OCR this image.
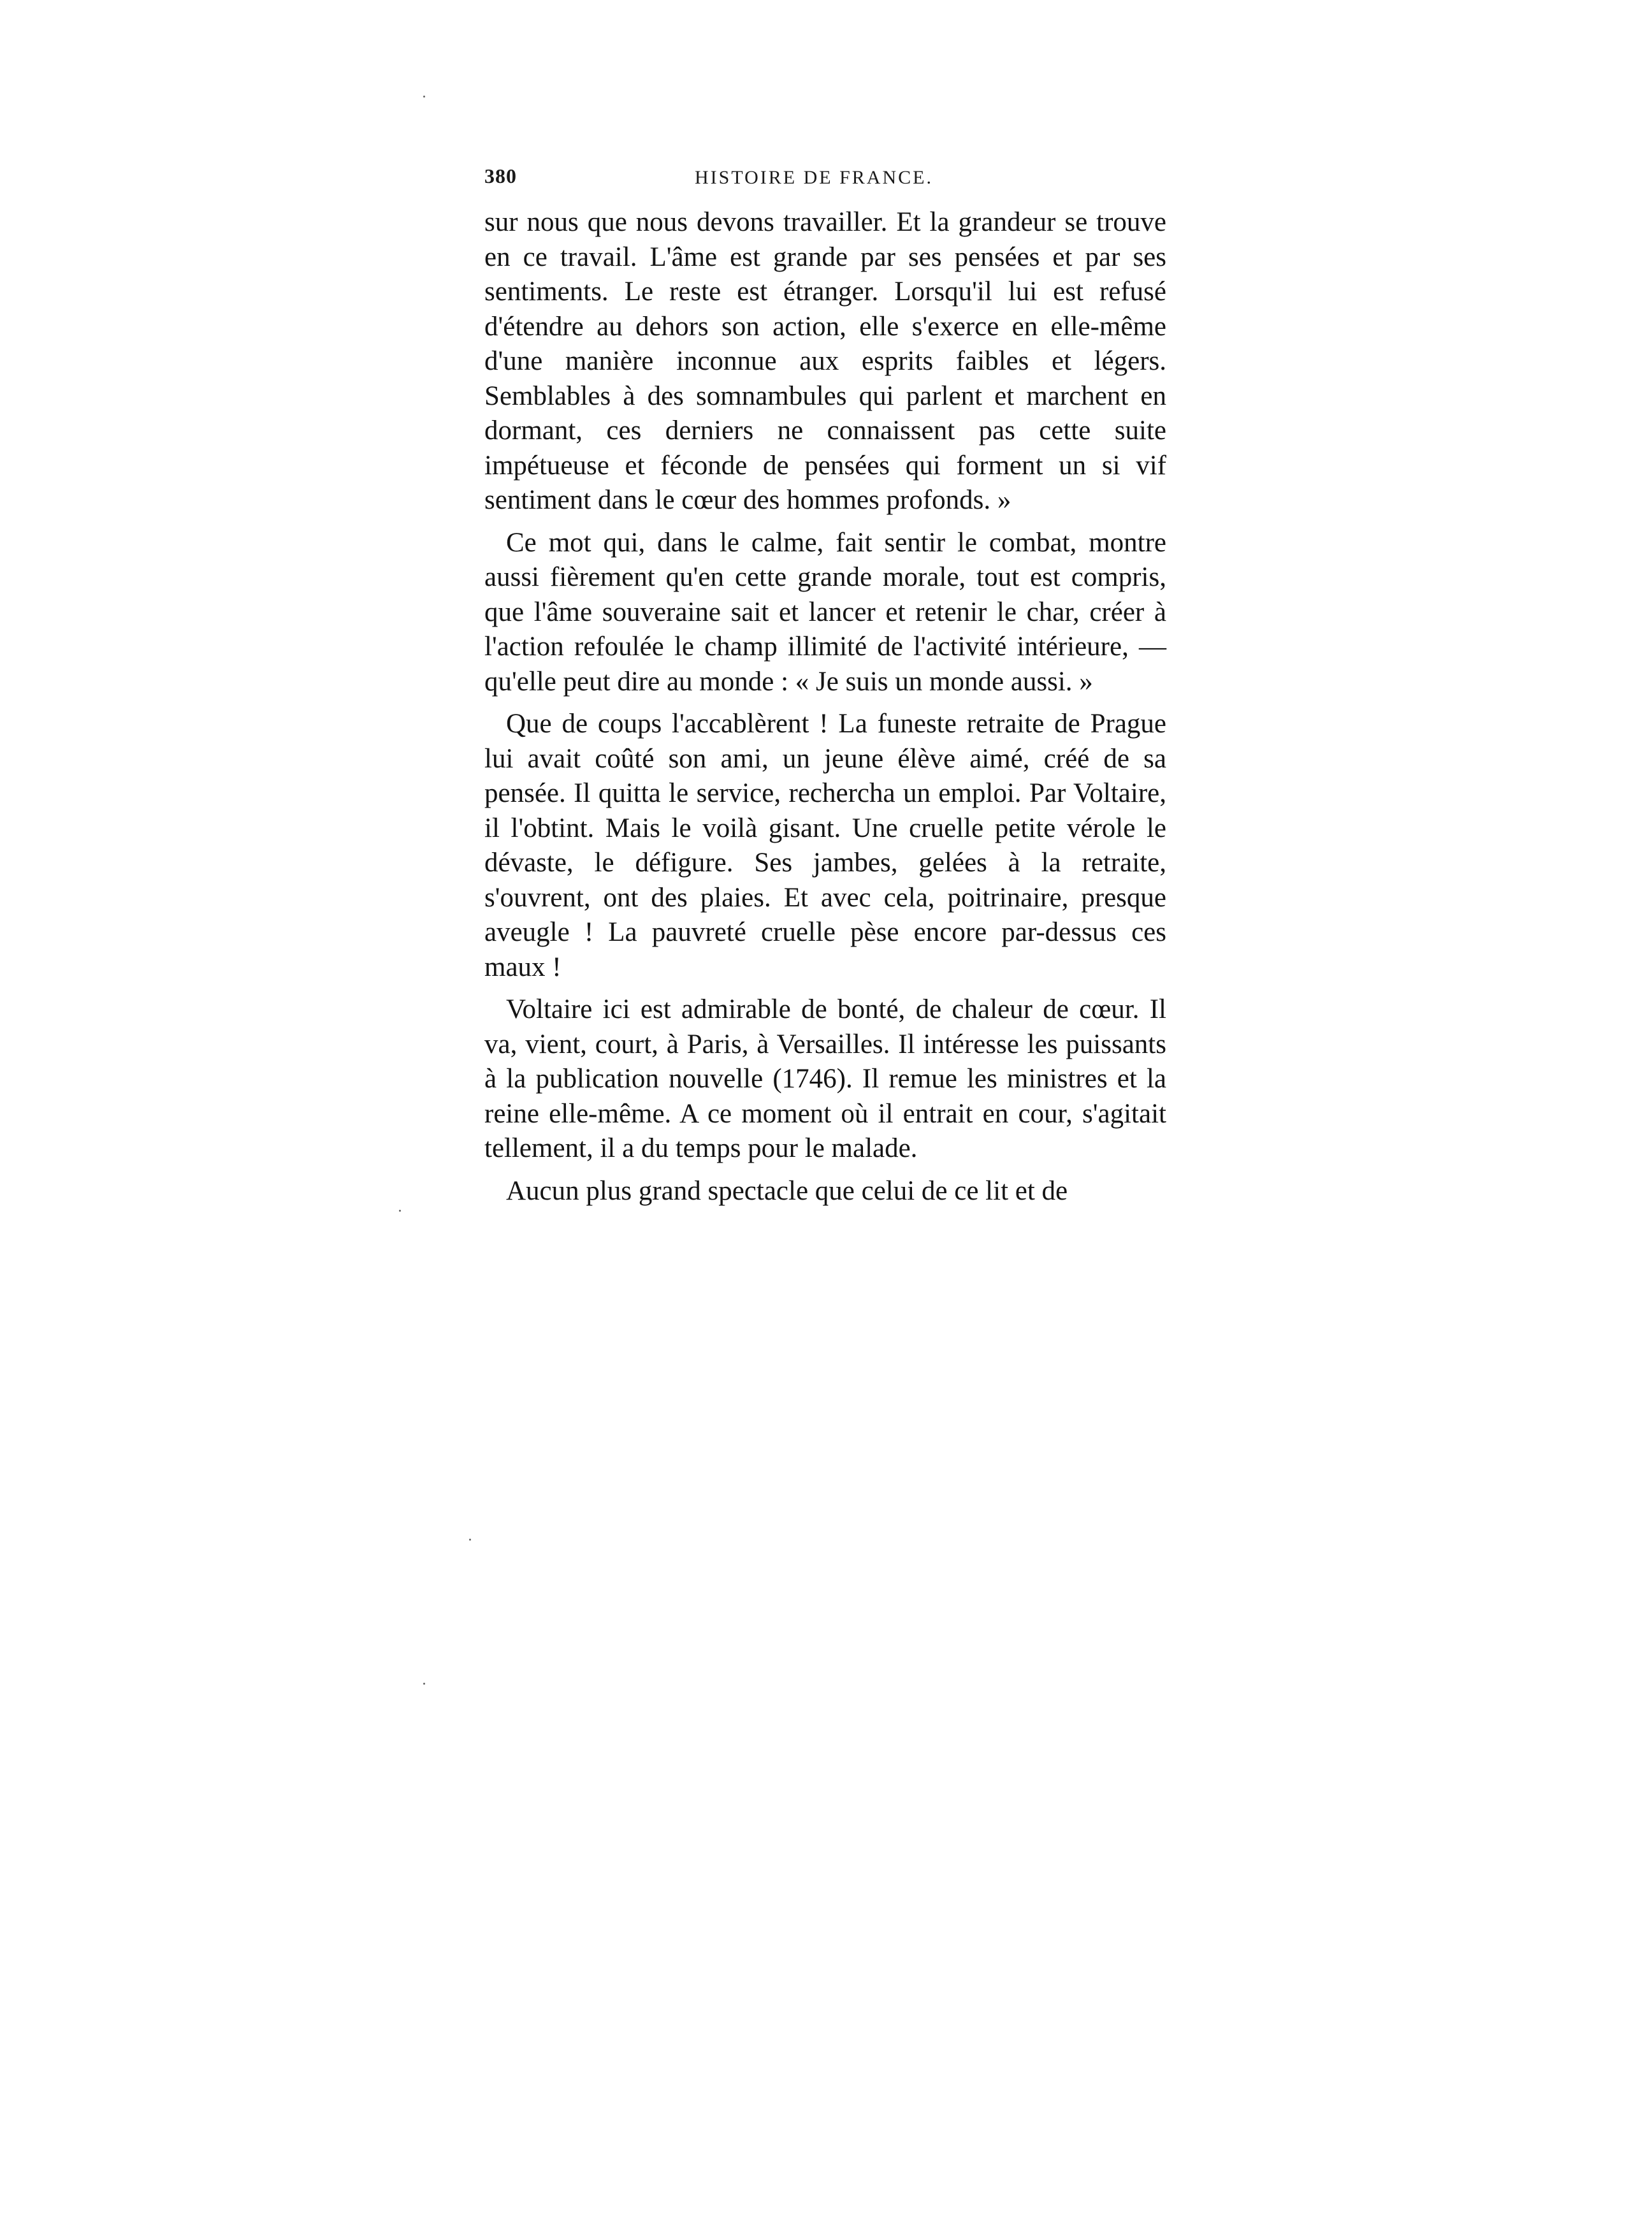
380	HISTOIRE DE FRANCE.

sur nous que nous devons travailler. Et la grandeur se trouve en ce travail. L'âme est grande par ses pensées et par ses sentiments. Le reste est étranger. Lorsqu'il lui est refusé d'étendre au dehors son action, elle s'exerce en elle-même d'une manière inconnue aux esprits faibles et légers. Semblables à des somnambules qui parlent et marchent en dormant, ces derniers ne connaissent pas cette suite impétueuse et féconde de pensées qui forment un si vif sentiment dans le cœur des hommes profonds. »

Ce mot qui, dans le calme, fait sentir le combat, montre aussi fièrement qu'en cette grande morale, tout est compris, que l'âme souveraine sait et lancer et retenir le char, créer à l'action refoulée le champ illimité de l'activité intérieure, — qu'elle peut dire au monde : « Je suis un monde aussi. »

Que de coups l'accablèrent ! La funeste retraite de Prague lui avait coûté son ami, un jeune élève aimé, créé de sa pensée. Il quitta le service, rechercha un emploi. Par Voltaire, il l'obtint. Mais le voilà gisant. Une cruelle petite vérole le dévaste, le défigure. Ses jambes, gelées à la retraite, s'ouvrent, ont des plaies. Et avec cela, poitrinaire, presque aveugle ! La pauvreté cruelle pèse encore par-dessus ces maux !

Voltaire ici est admirable de bonté, de chaleur de cœur. Il va, vient, court, à Paris, à Versailles. Il intéresse les puissants à la publication nouvelle (1746). Il remue les ministres et la reine elle-même. A ce moment où il entrait en cour, s'agitait tellement, il a du temps pour le malade.

Aucun plus grand spectacle que celui de ce lit et de
